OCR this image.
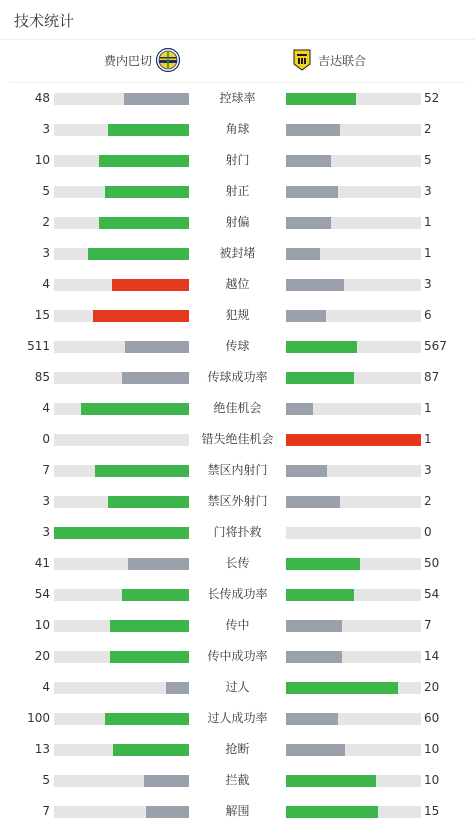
技术统计
费内巴切	吉达联合
48	控球率	52
3	角球	2
10	射门	5
5	射正	3
2	射偏	1
3	被封堵	1
4	越位	3
15	犯规	6
511	传球	567
85	传球成功率	87
4	绝佳机会	1
0	错失绝佳机会	1
7	禁区内射门	3
3	禁区外射门	2
3	门将扑救	0
41	长传	50
54	长传成功率	54
10	传中	7
20	传中成功率	14
4	过人	20
100	过人成功率	60
13	抢断	10
5	拦截	10
7	解围	15
